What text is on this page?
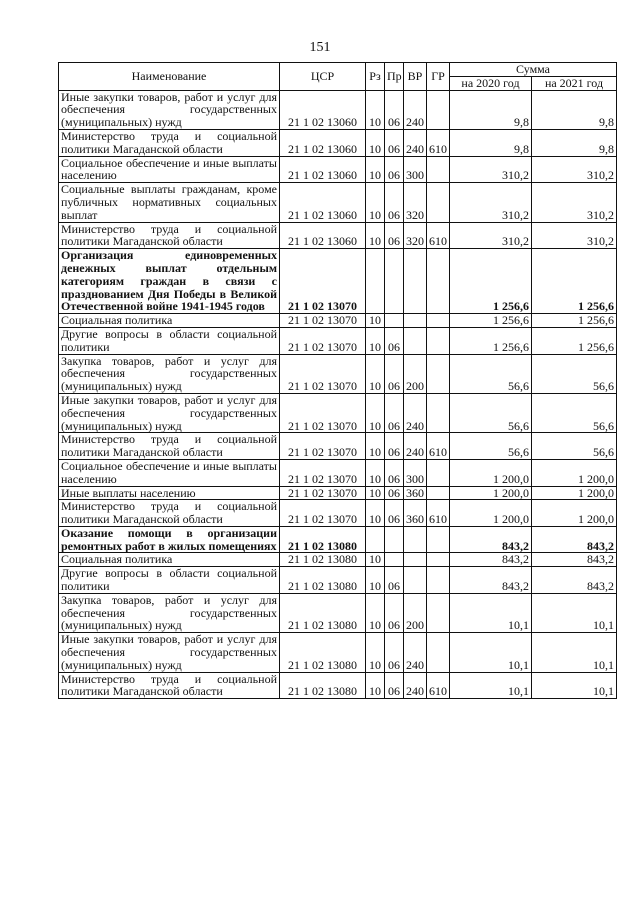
151
Наименование	ЦСР	Рз	Пр	ВР	ГР	Сумма	
						на 2020 год	на 2021 год
Иные закупки товаров, работ и услуг для обеспечения государственных (муниципальных) нужд	21 1 02 13060	10	06	240		9,8	9,8
Министерство труда и социальной политики Магаданской области	21 1 02 13060	10	06	240	610	9,8	9,8
Социальное обеспечение и иные выплаты населению	21 1 02 13060	10	06	300		310,2	310,2
Социальные выплаты гражданам, кроме публичных нормативных социальных выплат	21 1 02 13060	10	06	320		310,2	310,2
Министерство труда и социальной политики Магаданской области	21 1 02 13060	10	06	320	610	310,2	310,2
Организация единовременных денежных выплат отдельным категориям граждан в связи с празднованием Дня Победы в Великой Отечественной войне 1941-1945 годов	21 1 02 13070					1 256,6	1 256,6
Социальная политика	21 1 02 13070	10				1 256,6	1 256,6
Другие вопросы в области социальной политики	21 1 02 13070	10	06			1 256,6	1 256,6
Закупка товаров, работ и услуг для обеспечения государственных (муниципальных) нужд	21 1 02 13070	10	06	200		56,6	56,6
Иные закупки товаров, работ и услуг для обеспечения государственных (муниципальных) нужд	21 1 02 13070	10	06	240		56,6	56,6
Министерство труда и социальной политики Магаданской области	21 1 02 13070	10	06	240	610	56,6	56,6
Социальное обеспечение и иные выплаты населению	21 1 02 13070	10	06	300		1 200,0	1 200,0
Иные выплаты населению	21 1 02 13070	10	06	360		1 200,0	1 200,0
Министерство труда и социальной политики Магаданской области	21 1 02 13070	10	06	360	610	1 200,0	1 200,0
Оказание помощи в организации ремонтных работ в жилых помещениях	21 1 02 13080					843,2	843,2
Социальная политика	21 1 02 13080	10				843,2	843,2
Другие вопросы в области социальной политики	21 1 02 13080	10	06			843,2	843,2
Закупка товаров, работ и услуг для обеспечения государственных (муниципальных) нужд	21 1 02 13080	10	06	200		10,1	10,1
Иные закупки товаров, работ и услуг для обеспечения государственных (муниципальных) нужд	21 1 02 13080	10	06	240		10,1	10,1
Министерство труда и социальной политики Магаданской области	21 1 02 13080	10	06	240	610	10,1	10,1
